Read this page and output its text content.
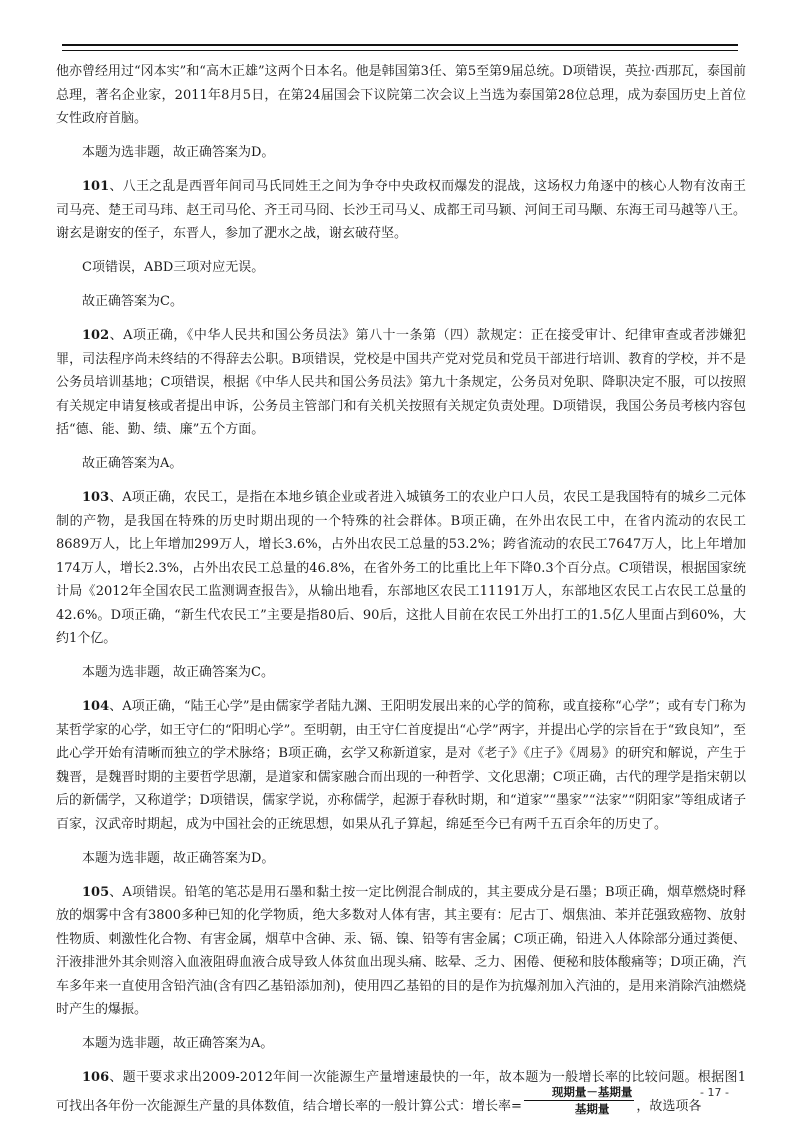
他亦曾经用过“冈本实”和“高木正雄”这两个日本名。他是韩国第3任、第5至第9届总统。D项错误，英拉·西那瓦，泰国前总理，著名企业家，2011年8月5日，在第24届国会下议院第二次会议上当选为泰国第28位总理，成为泰国历史上首位女性政府首脑。

本题为选非题，故正确答案为D。

101、八王之乱是西晋年间司马氏同姓王之间为争夺中央政权而爆发的混战，这场权力角逐中的核心人物有汝南王司马亮、楚王司马玮、赵王司马伦、齐王司马冏、长沙王司马乂、成都王司马颖、河间王司马颙、东海王司马越等八王。谢玄是谢安的侄子，东晋人，参加了淝水之战，谢玄破苻坚。

C项错误，ABD三项对应无误。

故正确答案为C。

102、A项正确，《中华人民共和国公务员法》第八十一条第（四）款规定：正在接受审计、纪律审查或者涉嫌犯罪，司法程序尚未终结的不得辞去公职。B项错误，党校是中国共产党对党员和党员干部进行培训、教育的学校，并不是公务员培训基地；C项错误，根据《中华人民共和国公务员法》第九十条规定，公务员对免职、降职决定不服，可以按照有关规定申请复核或者提出申诉，公务员主管部门和有关机关按照有关规定负责处理。D项错误，我国公务员考核内容包括“德、能、勤、绩、廉”五个方面。

故正确答案为A。

103、A项正确，农民工，是指在本地乡镇企业或者进入城镇务工的农业户口人员，农民工是我国特有的城乡二元体制的产物，是我国在特殊的历史时期出现的一个特殊的社会群体。B项正确，在外出农民工中，在省内流动的农民工8689万人，比上年增加299万人，增长3.6%，占外出农民工总量的53.2%；跨省流动的农民工7647万人，比上年增加174万人，增长2.3%，占外出农民工总量的46.8%，在省外务工的比重比上年下降0.3个百分点。C项错误，根据国家统计局《2012年全国农民工监测调查报告》，从输出地看，东部地区农民工11191万人，东部地区农民工占农民工总量的42.6%。D项正确，“新生代农民工”主要是指80后、90后，这批人目前在农民工外出打工的1.5亿人里面占到60%，大约1个亿。

本题为选非题，故正确答案为C。

104、A项正确，“陆王心学”是由儒家学者陆九渊、王阳明发展出来的心学的简称，或直接称“心学”；或有专门称为某哲学家的心学，如王守仁的“阳明心学”。至明朝，由王守仁首度提出“心学”两字，并提出心学的宗旨在于“致良知”，至此心学开始有清晰而独立的学术脉络；B项正确，玄学又称新道家，是对《老子》《庄子》《周易》的研究和解说，产生于魏晋，是魏晋时期的主要哲学思潮，是道家和儒家融合而出现的一种哲学、文化思潮；C项正确，古代的理学是指宋朝以后的新儒学，又称道学；D项错误，儒家学说，亦称儒学，起源于春秋时期，和“道家”“墨家”“法家”“阴阳家”等组成诸子百家，汉武帝时期起，成为中国社会的正统思想，如果从孔子算起，绵延至今已有两千五百余年的历史了。

本题为选非题，故正确答案为D。

105、A项错误。铅笔的笔芯是用石墨和黏土按一定比例混合制成的，其主要成分是石墨；B项正确，烟草燃烧时释放的烟雾中含有3800多种已知的化学物质，绝大多数对人体有害，其主要有：尼古丁、烟焦油、苯并芘强致癌物、放射性物质、刺激性化合物、有害金属，烟草中含砷、汞、镉、镍、铅等有害金属；C项正确，铅进入人体除部分通过粪便、汗液排泄外其余则溶入血液阻碍血液合成导致人体贫血出现头痛、眩晕、乏力、困倦、便秘和肢体酸痛等；D项正确，汽车多年来一直使用含铅汽油(含有四乙基铅添加剂)，使用四乙基铅的目的是作为抗爆剂加入汽油的，是用来消除汽油燃烧时产生的爆振。

本题为选非题，故正确答案为A。

106、题干要求求出2009-2012年间一次能源生产量增速最快的一年，故本题为一般增长率的比较问题。根据图1可找出各年份一次能源生产量的具体数值，结合增长率的一般计算公式：增长率= $\frac{\text{现期量－基期量}}{\text{基期量}}$ ，故选项各

- 17 -
